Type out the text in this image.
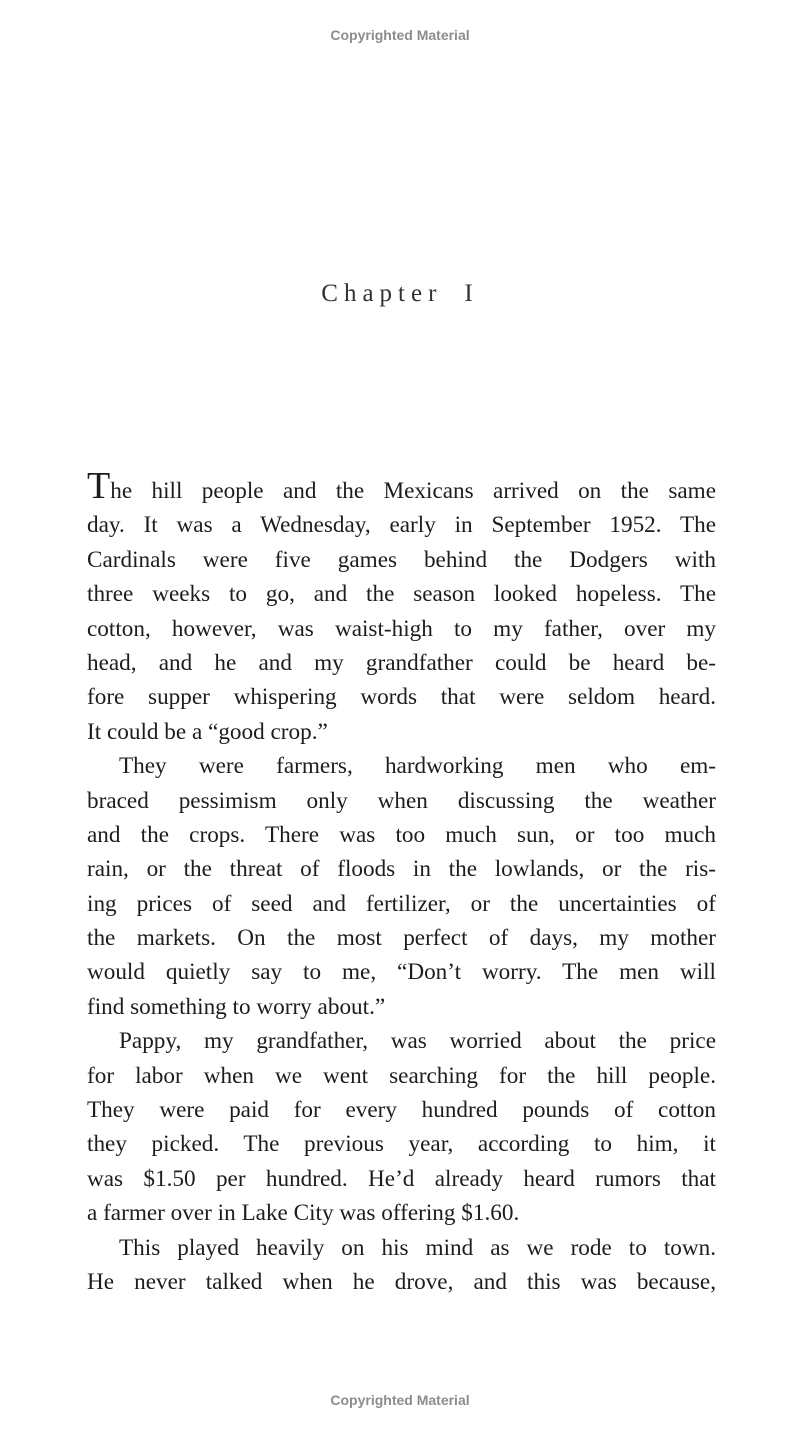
Copyrighted Material
Chapter I
The hill people and the Mexicans arrived on the same
day. It was a Wednesday, early in September 1952. The
Cardinals were five games behind the Dodgers with
three weeks to go, and the season looked hopeless. The
cotton, however, was waist-high to my father, over my
head, and he and my grandfather could be heard be-
fore supper whispering words that were seldom heard.
It could be a “good crop.”
They were farmers, hardworking men who em-
braced pessimism only when discussing the weather
and the crops. There was too much sun, or too much
rain, or the threat of floods in the lowlands, or the ris-
ing prices of seed and fertilizer, or the uncertainties of
the markets. On the most perfect of days, my mother
would quietly say to me, “Don’t worry. The men will
find something to worry about.”
Pappy, my grandfather, was worried about the price
for labor when we went searching for the hill people.
They were paid for every hundred pounds of cotton
they picked. The previous year, according to him, it
was $1.50 per hundred. He’d already heard rumors that
a farmer over in Lake City was offering $1.60.
This played heavily on his mind as we rode to town.
He never talked when he drove, and this was because,
Copyrighted Material
